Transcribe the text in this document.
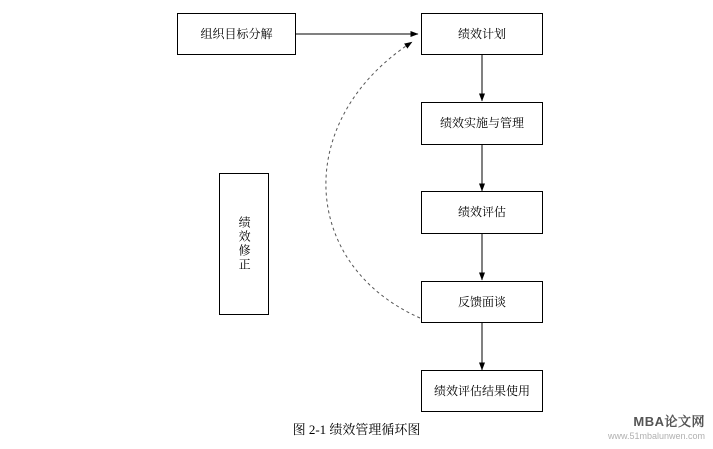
组织目标分解	绩效计划
绩效实施与管理
绩效评估
反馈面谈
绩效评估结果使用
绩效修正
图 2-1 绩效管理循环图
MBA论文网
www.51mbalunwen.com
